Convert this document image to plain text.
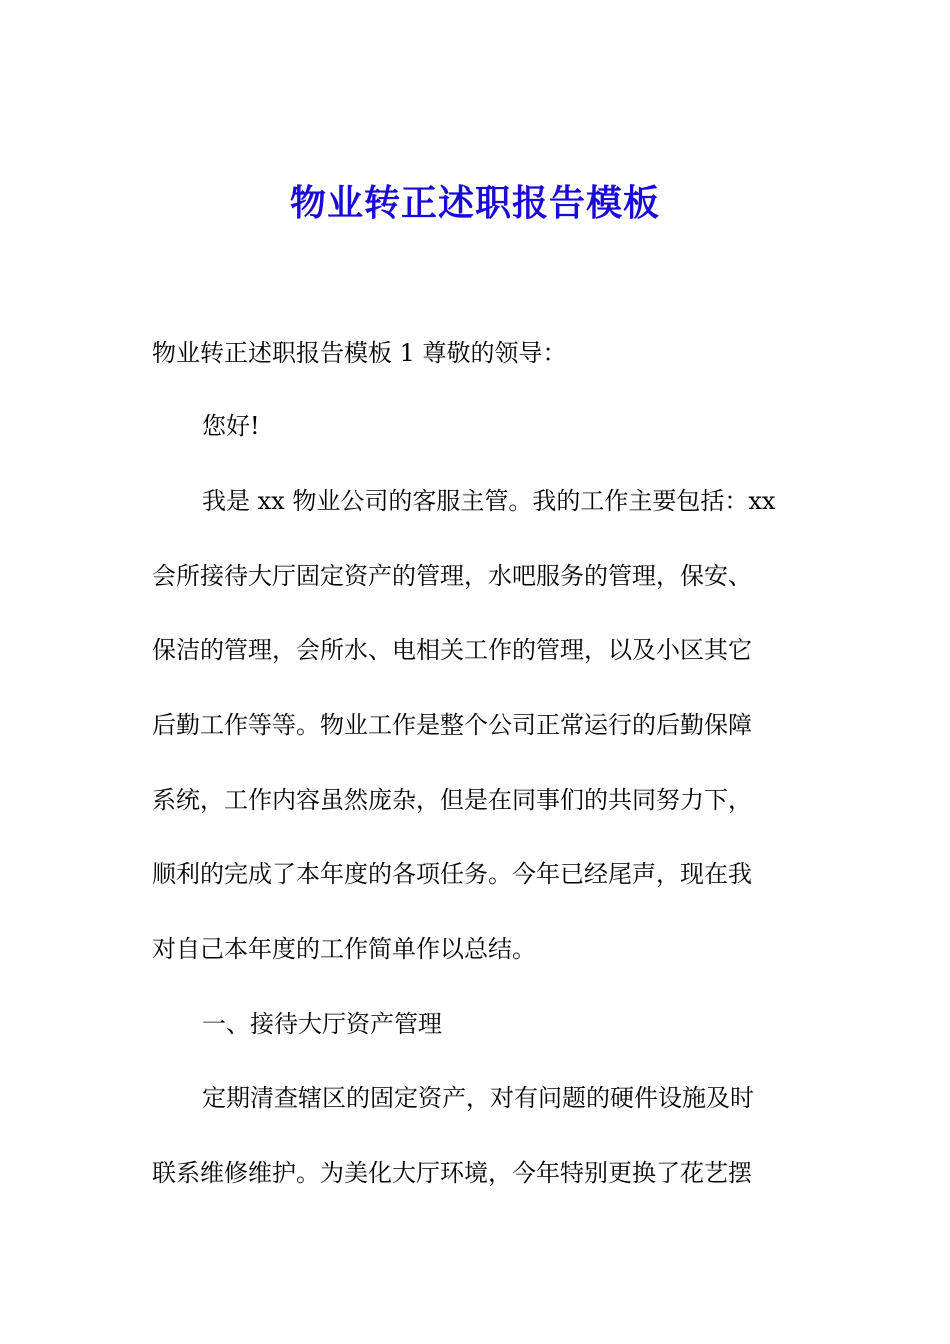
物业转正述职报告模板
物业转正述职报告模板 1 尊敬的领导：
您好!
我是 xx 物业公司的客服主管。我的工作主要包括：xx
会所接待大厅固定资产的管理，水吧服务的管理，保安、
保洁的管理，会所水、电相关工作的管理，以及小区其它
后勤工作等等。物业工作是整个公司正常运行的后勤保障
系统，工作内容虽然庞杂，但是在同事们的共同努力下，
顺利的完成了本年度的各项任务。今年已经尾声，现在我
对自己本年度的工作简单作以总结。
一、接待大厅资产管理
定期清查辖区的固定资产，对有问题的硬件设施及时
联系维修维护。为美化大厅环境，今年特别更换了花艺摆
